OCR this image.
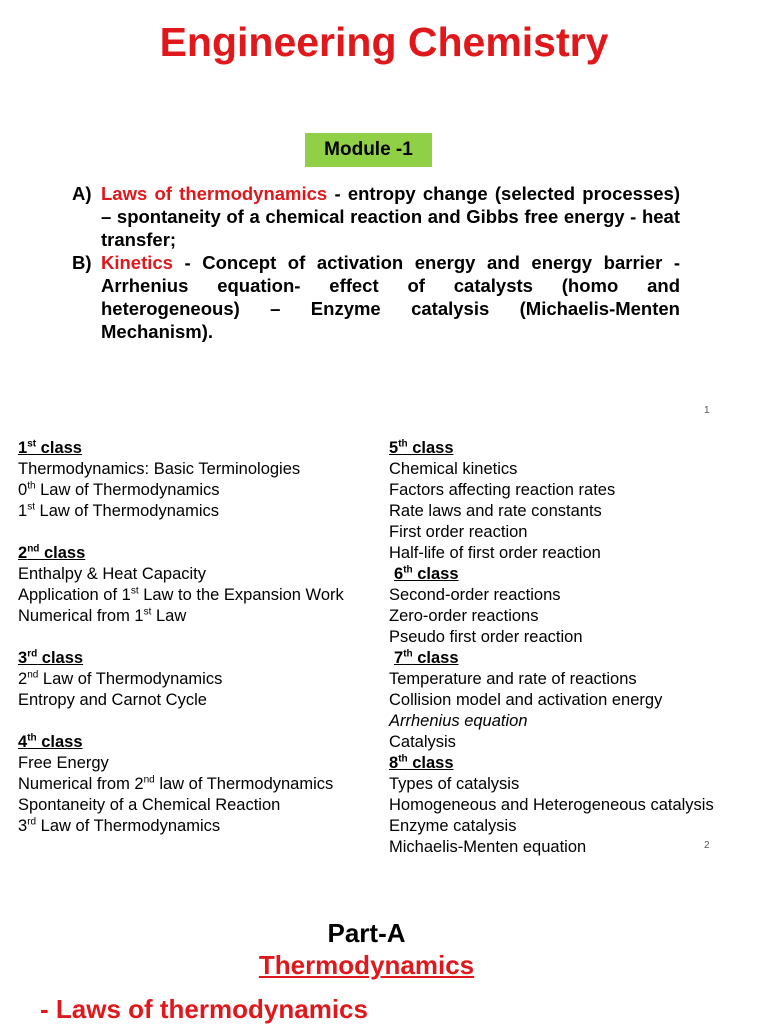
Engineering Chemistry
Module -1
A) Laws of thermodynamics - entropy change (selected processes) – spontaneity of a chemical reaction and Gibbs free energy - heat transfer;
B) Kinetics - Concept of activation energy and energy barrier - Arrhenius equation- effect of catalysts (homo and heterogeneous) – Enzyme catalysis (Michaelis-Menten Mechanism).
1
1st class
Thermodynamics: Basic Terminologies
0th Law of Thermodynamics
1st Law of Thermodynamics
2nd class
Enthalpy & Heat Capacity
Application of 1st Law to the Expansion Work
Numerical from 1st Law
3rd class
2nd Law of Thermodynamics
Entropy and Carnot Cycle
4th class
Free Energy
Numerical from 2nd law of Thermodynamics
Spontaneity of a Chemical Reaction
3rd Law of Thermodynamics
5th class
Chemical kinetics
Factors affecting reaction rates
Rate laws and rate constants
First order reaction
Half-life of first order reaction
6th class
Second-order reactions
Zero-order reactions
Pseudo first order reaction
7th class
Temperature and rate of reactions
Collision model and activation energy
Arrhenius equation
Catalysis
8th class
Types of catalysis
Homogeneous and Heterogeneous catalysis
Enzyme catalysis
Michaelis-Menten equation	2
Part-A
Thermodynamics
- Laws of thermodynamics
